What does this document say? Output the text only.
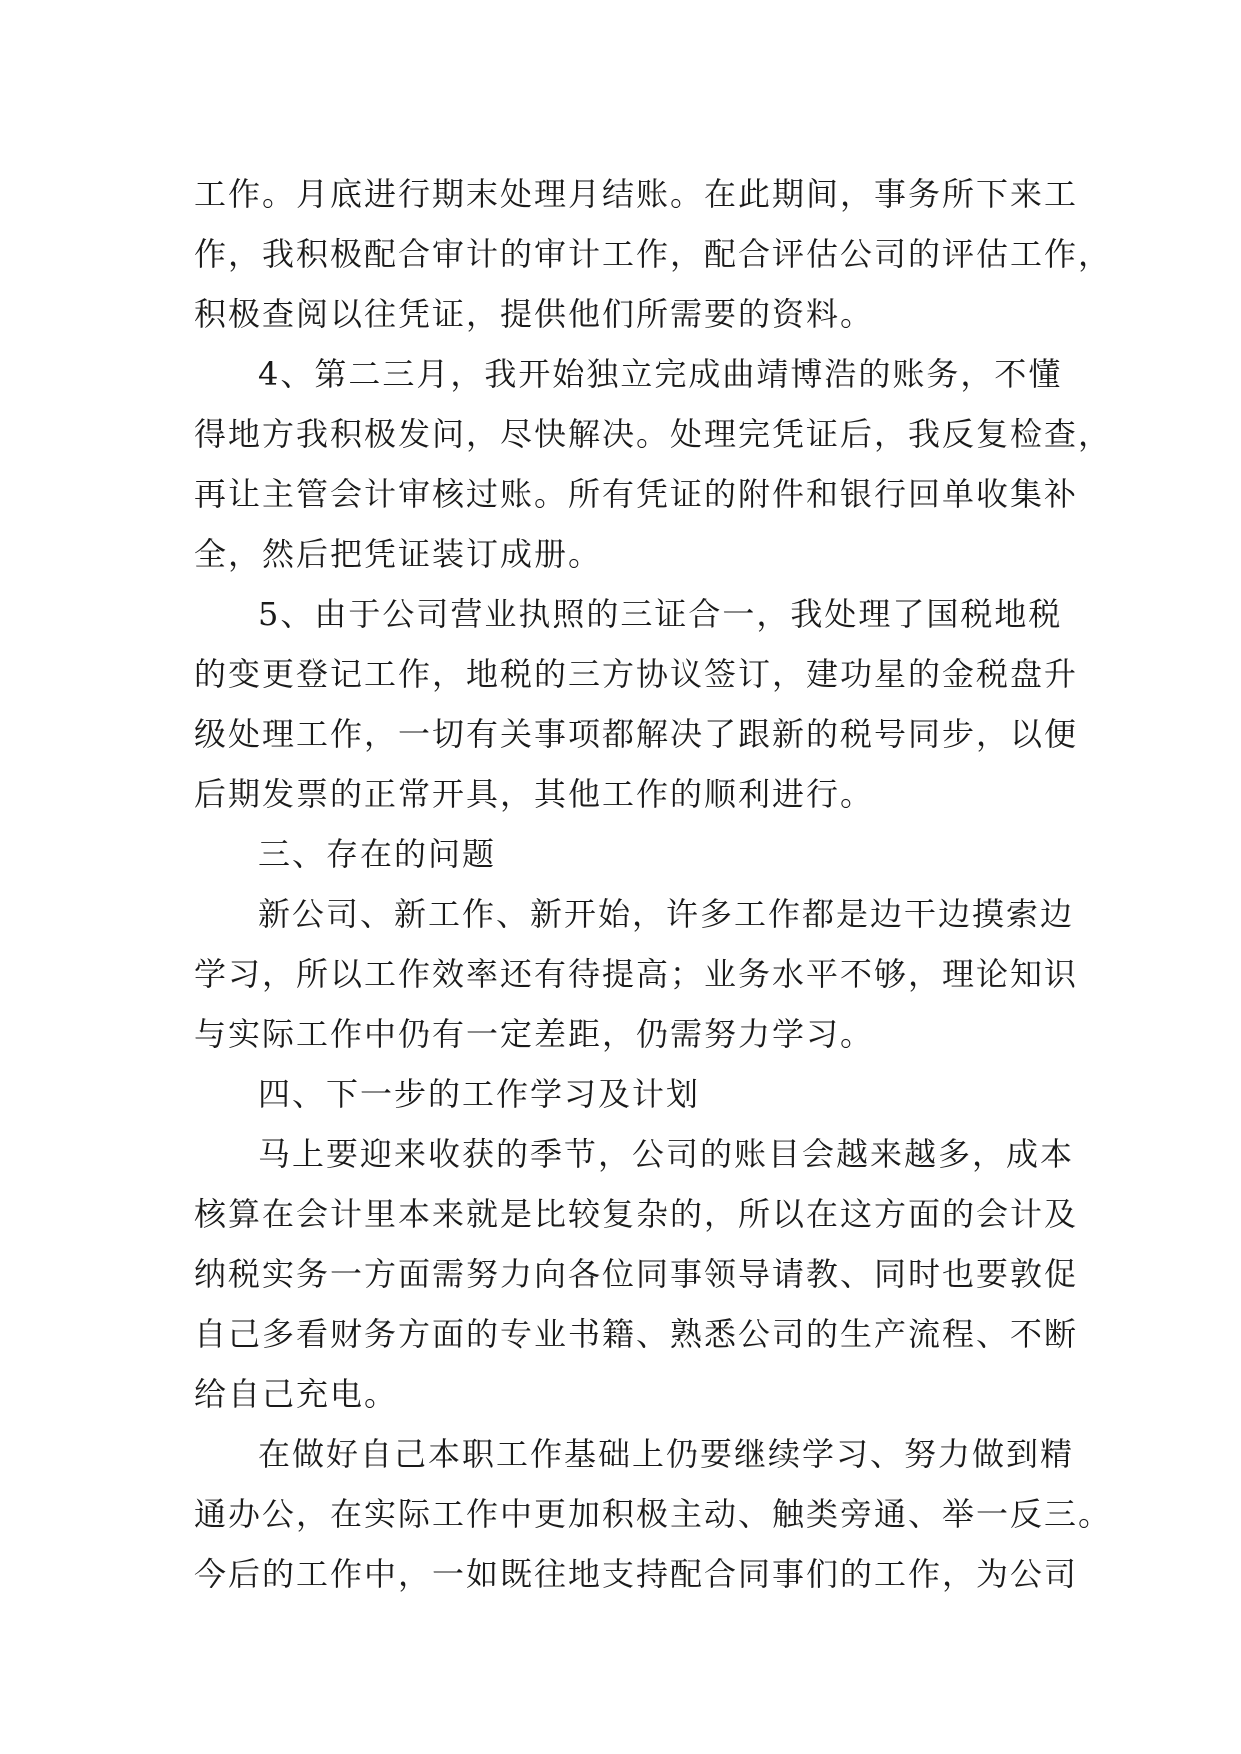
工作。月底进行期末处理月结账。在此期间，事务所下来工
作，我积极配合审计的审计工作，配合评估公司的评估工作，
积极查阅以往凭证，提供他们所需要的资料。
4、第二三月，我开始独立完成曲靖博浩的账务，不懂
得地方我积极发问，尽快解决。处理完凭证后，我反复检查，
再让主管会计审核过账。所有凭证的附件和银行回单收集补
全，然后把凭证装订成册。
5、由于公司营业执照的三证合一，我处理了国税地税
的变更登记工作，地税的三方协议签订，建功星的金税盘升
级处理工作，一切有关事项都解决了跟新的税号同步，以便
后期发票的正常开具，其他工作的顺利进行。
三、存在的问题
新公司、新工作、新开始，许多工作都是边干边摸索边
学习，所以工作效率还有待提高；业务水平不够，理论知识
与实际工作中仍有一定差距，仍需努力学习。
四、下一步的工作学习及计划
马上要迎来收获的季节，公司的账目会越来越多，成本
核算在会计里本来就是比较复杂的，所以在这方面的会计及
纳税实务一方面需努力向各位同事领导请教、同时也要敦促
自己多看财务方面的专业书籍、熟悉公司的生产流程、不断
给自己充电。
在做好自己本职工作基础上仍要继续学习、努力做到精
通办公，在实际工作中更加积极主动、触类旁通、举一反三。
今后的工作中，一如既往地支持配合同事们的工作，为公司
